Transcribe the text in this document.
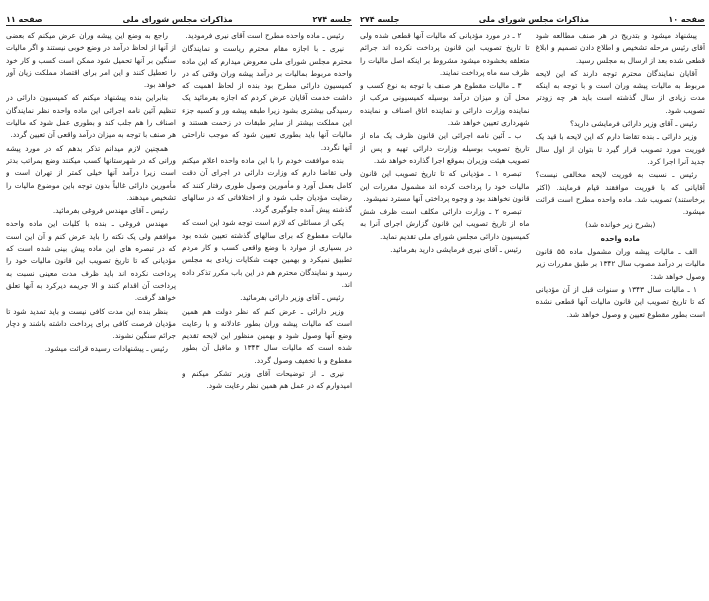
صفحه ۱۱	مذاکرات مجلس شورای ملی	جلسه ۲۷۴

رئیس ـ ماده واحده مطرح است آقای نیری فرمودید.

نیری ـ با اجازه مقام محترم ریاست و نمایندگان محترم مجلس شورای ملی معروض میدارم که این ماده واحده مربوط بمالیات بر درآمد پیشه وران وقتی که در کمیسیون دارائی مطرح بود بنده از لحاظ اهمیت که داشت خدمت آقایان عرض کردم که اجازه بفرمائید یک رسیدگی بیشتری بشود زیرا طبقه پیشه ور و کسبه جزء این مملکت بیشتر از سایر طبقات در زحمت هستند و مالیات آنها باید بطوری تعیین شود که موجب ناراحتی آنها نگردد.

بنده موافقت خودم را با این ماده واحده اعلام میکنم ولی تقاضا دارم که وزارت دارائی در اجرای آن دقت کامل بعمل آورد و مأمورین وصول طوری رفتار کنند که رضایت مؤدیان جلب شود و از اختلافاتی که در سالهای گذشته پیش آمده جلوگیری گردد.

یکی از مسائلی که لازم است توجه شود این است که مالیات مقطوع که برای سالهای گذشته تعیین شده بود در بسیاری از موارد با وضع واقعی کسب و کار مردم تطبیق نمیکرد و بهمین جهت شکایات زیادی به مجلس رسید و نمایندگان محترم هم در این باب مکرر تذکر داده اند.

رئیس ـ آقای وزیر دارائی بفرمائید.

وزیر دارائی ـ عرض کنم که نظر دولت هم همین است که مالیات پیشه وران بطور عادلانه و با رعایت وضع آنها وصول شود و بهمین منظور این لایحه تقدیم شده است که مالیات سال ۱۳۴۳ و ماقبل آن بطور مقطوع و با تخفیف وصول گردد.

نیری ـ از توضیحات آقای وزیر تشکر میکنم و امیدوارم که در عمل هم همین نظر رعایت شود.

راجع به وضع این پیشه وران عرض میکنم که بعضی از آنها از لحاظ درآمد در وضع خوبی نیستند و اگر مالیات سنگین بر آنها تحمیل شود ممکن است کسب و کار خود را تعطیل کنند و این امر برای اقتصاد مملکت زیان آور خواهد بود.

بنابراین بنده پیشنهاد میکنم که کمیسیون دارائی در تنظیم آئین نامه اجرائی این ماده واحده نظر نمایندگان اصناف را هم جلب کند و بطوری عمل شود که مالیات هر صنف با توجه به میزان درآمد واقعی آن تعیین گردد.

همچنین لازم میدانم تذکر بدهم که در مورد پیشه ورانی که در شهرستانها کسب میکنند وضع بمراتب بدتر است زیرا درآمد آنها خیلی کمتر از تهران است و مأمورین دارائی غالباً بدون توجه باین موضوع مالیات را تشخیص میدهند.

رئیس ـ آقای مهندس فروغی بفرمائید.

مهندس فروغی ـ بنده با کلیات این ماده واحده موافقم ولی یک نکته را باید عرض کنم و آن این است که در تبصره های این ماده پیش بینی شده است که مؤدیانی که تا تاریخ تصویب این قانون مالیات خود را پرداخت نکرده اند باید ظرف مدت معینی نسبت به پرداخت آن اقدام کنند و الا جریمه دیرکرد به آنها تعلق خواهد گرفت.

بنظر بنده این مدت کافی نیست و باید تمدید شود تا مؤدیان فرصت کافی برای پرداخت داشته باشند و دچار جرائم سنگین نشوند.

رئیس ـ پیشنهادات رسیده قرائت میشود.

جلسه ۲۷۴	مذاکرات مجلس شورای ملی	صفحه ۱۰

پیشنهاد میشود و بتدریج در هر صنف مطالعه شود آقای رئیس مرحله تشخیص و اطلاع دادن تصمیم و ابلاغ قطعی شده بعد از ارسال به مجلس رسید.

آقایان نمایندگان محترم توجه دارند که این لایحه مربوط به مالیات پیشه وران است و با توجه به اینکه مدت زیادی از سال گذشته است باید هر چه زودتر تصویب شود.

رئیس ـ آقای وزیر دارائی فرمایشی دارید؟

وزیر دارائی ـ بنده تقاضا دارم که این لایحه با قید یک فوریت مورد تصویب قرار گیرد تا بتوان از اول سال جدید آنرا اجرا کرد.

رئیس ـ نسبت به فوریت لایحه مخالفی نیست؟ آقایانی که با فوریت موافقند قیام فرمایند. (اکثر برخاستند) تصویب شد. ماده واحده مطرح است قرائت میشود.

(بشرح زیر خوانده شد)

ماده واحده

الف ـ مالیات پیشه وران مشمول ماده ۵۵ قانون مالیات بر درآمد مصوب سال ۱۳۴۲ بر طبق مقررات زیر وصول خواهد شد:

۱ ـ مالیات سال ۱۳۴۳ و سنوات قبل از آن مؤدیانی که تا تاریخ تصویب این قانون مالیات آنها قطعی نشده است بطور مقطوع تعیین و وصول خواهد شد.

۲ ـ در مورد مؤدیانی که مالیات آنها قطعی شده ولی تا تاریخ تصویب این قانون پرداخت نکرده اند جرائم متعلقه بخشوده میشود مشروط بر اینکه اصل مالیات را ظرف سه ماه پرداخت نمایند.

۳ ـ مالیات مقطوع هر صنف با توجه به نوع کسب و محل آن و میزان درآمد بوسیله کمیسیونی مرکب از نماینده وزارت دارائی و نماینده اتاق اصناف و نماینده شهرداری تعیین خواهد شد.

ب ـ آئین نامه اجرائی این قانون ظرف یک ماه از تاریخ تصویب بوسیله وزارت دارائی تهیه و پس از تصویب هیئت وزیران بموقع اجرا گذارده خواهد شد.

تبصره ۱ ـ مؤدیانی که تا تاریخ تصویب این قانون مالیات خود را پرداخت کرده اند مشمول مقررات این قانون نخواهند بود و وجوه پرداختی آنها مسترد نمیشود.

تبصره ۲ ـ وزارت دارائی مکلف است ظرف شش ماه از تاریخ تصویب این قانون گزارش اجرای آنرا به کمیسیون دارائی مجلس شورای ملی تقدیم نماید.

رئیس ـ آقای نیری فرمایشی دارید بفرمائید.
